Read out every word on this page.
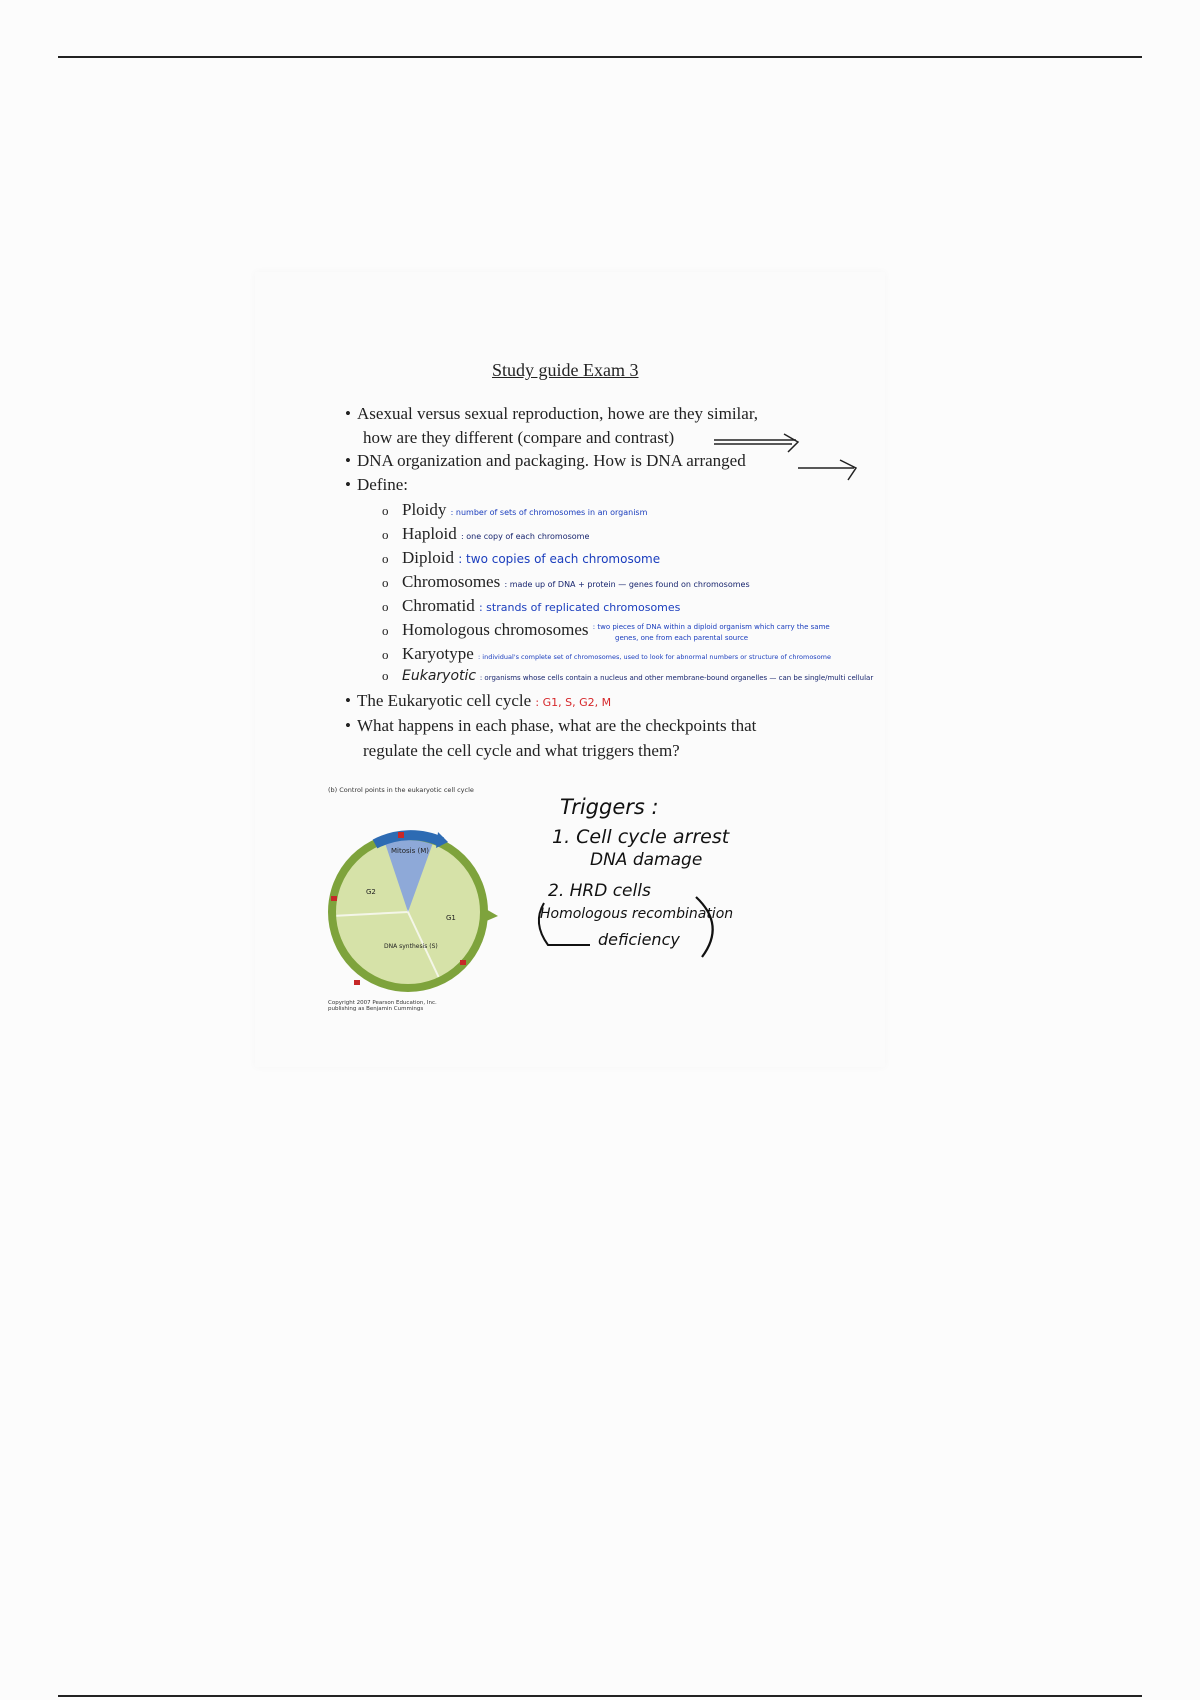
Study guide Exam 3
• Asexual versus sexual reproduction, howe are they similar,
how are they different (compare and contrast)
• DNA organization and packaging. How is DNA arranged
• Define:
o Ploidy : number of sets of chromosomes in an organism
o Haploid : one copy of each chromosome
o Diploid : two copies of each chromosome
o Chromosomes : made up of DNA + protein — genes found on chromosomes
o Chromatid : strands of replicated chromosomes
o Homologous chromosomes $^{: two pieces of DNA within a diploid organism which carry the same}$
genes, one from each parental source
o Karyotype : individual's complete set of chromosomes, used to look for abnormal numbers or structure of chromosome
o Eukaryotic : organisms whose cells contain a nucleus and other membrane-bound organelles — can be single/multi cellular
• The Eukaryotic cell cycle : G1, S, G2, M
• What happens in each phase, what are the checkpoints that
regulate the cell cycle and what triggers them?
(b) Control points in the eukaryotic cell cycle
Mitosis (M)
G2
G1
DNA synthesis (S)
Copyright 2007 Pearson Education, Inc.
publishing as Benjamin Cummings
Triggers :
1. Cell cycle arrest
DNA damage
2. HRD cells
Homologous recombination
deficiency
